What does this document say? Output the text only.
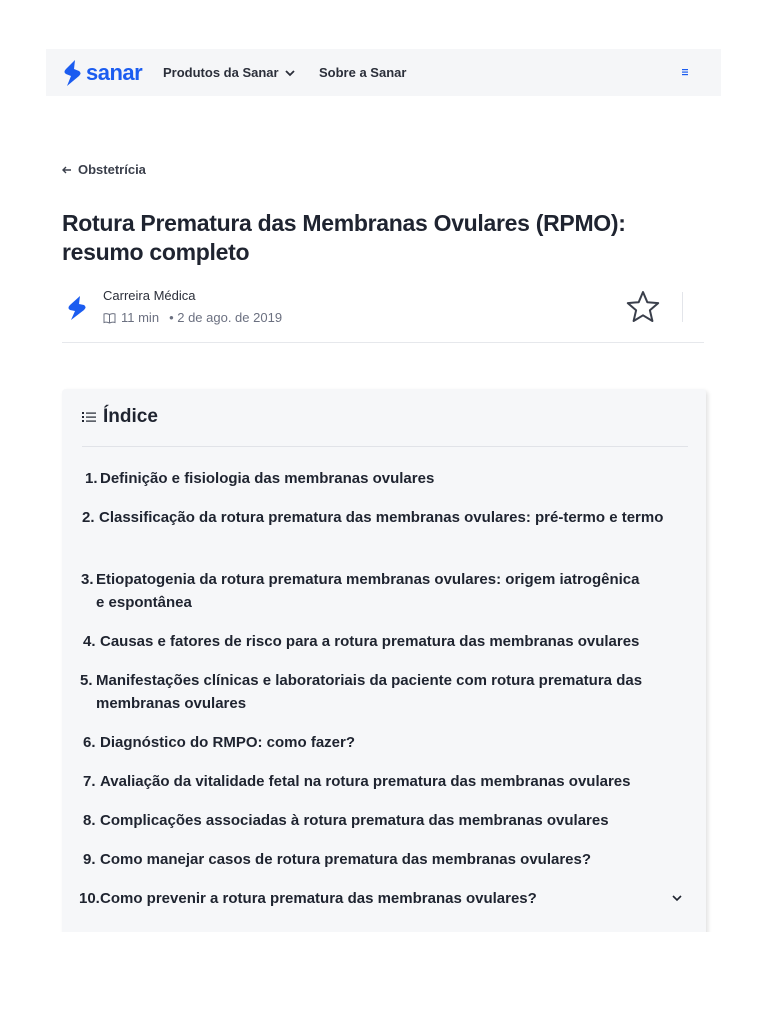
sanar Produtos da Sanar	Sobre a Sanar
Obstetrícia
Rotura Prematura das Membranas Ovulares (RPMO): resumo completo
Carreira Médica
11 min • 2 de ago. de 2019
Índice
1. Definição e fisiologia das membranas ovulares
2. Classificação da rotura prematura das membranas ovulares: pré-termo e termo
3. Etiopatogenia da rotura prematura membranas ovulares: origem iatrogênica e espontânea
4. Causas e fatores de risco para a rotura prematura das membranas ovulares
5. Manifestações clínicas e laboratoriais da paciente com rotura prematura das membranas ovulares
6. Diagnóstico do RMPO: como fazer?
7. Avaliação da vitalidade fetal na rotura prematura das membranas ovulares
8. Complicações associadas à rotura prematura das membranas ovulares
9. Como manejar casos de rotura prematura das membranas ovulares?
10. Como prevenir a rotura prematura das membranas ovulares?
